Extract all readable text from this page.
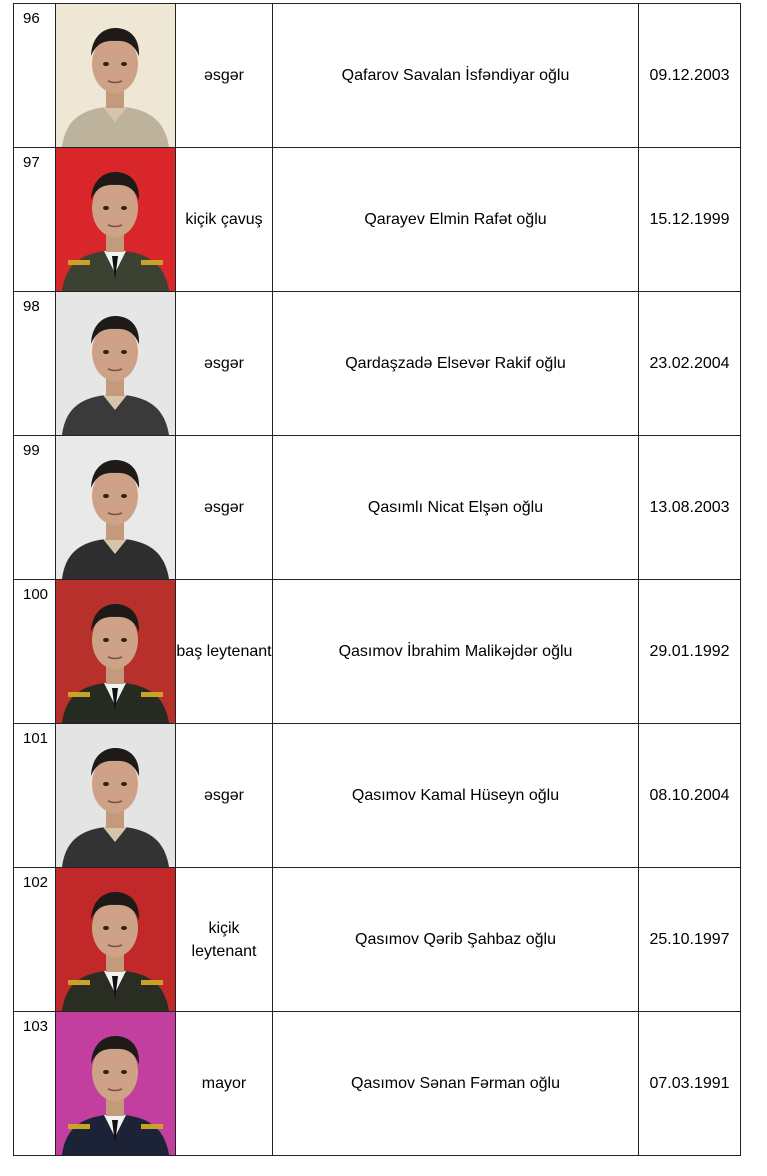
96		əsgər	Qafarov Savalan İsfəndiyar oğlu	09.12.2003

97		kiçik çavuş	Qarayev Elmin Rafət oğlu	15.12.1999

98		əsgər	Qardaşzadə Elsevər Rakif oğlu	23.02.2004

99		əsgər	Qasımlı Nicat Elşən oğlu	13.08.2003

100		baş leytenant	Qasımov İbrahim Malikəjdər oğlu	29.01.1992

101		əsgər	Qasımov Kamal Hüseyn oğlu	08.10.2004

102		kiçik leytenant	Qasımov Qərib Şahbaz oğlu	25.10.1997

103		mayor	Qasımov Sənan Fərman oğlu	07.03.1991
